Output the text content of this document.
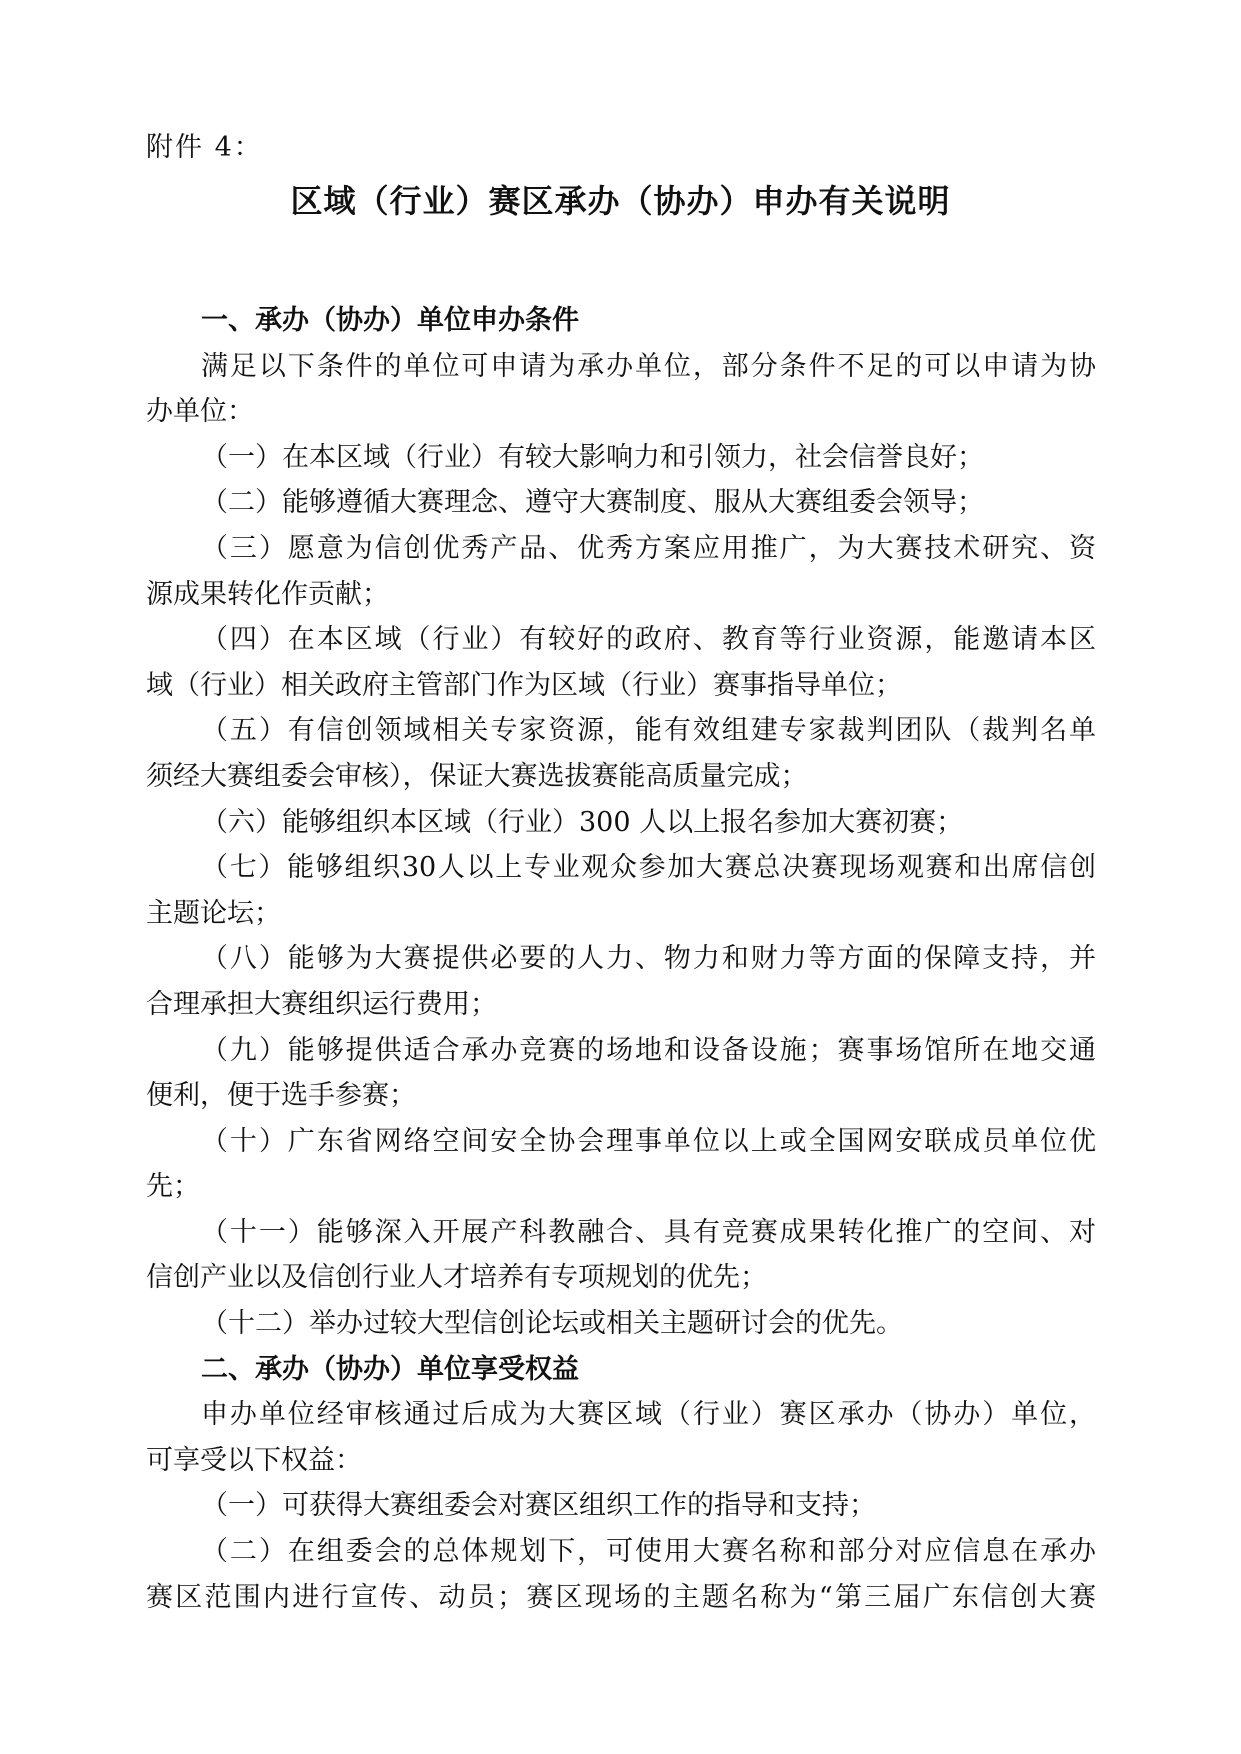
附件 4：
区域（行业）赛区承办（协办）申办有关说明
一、承办（协办）单位申办条件
满足以下条件的单位可申请为承办单位，部分条件不足的可以申请为协
办单位：
（一）在本区域（行业）有较大影响力和引领力，社会信誉良好；
（二）能够遵循大赛理念、遵守大赛制度、服从大赛组委会领导；
（三）愿意为信创优秀产品、优秀方案应用推广，为大赛技术研究、资
源成果转化作贡献；
（四）在本区域（行业）有较好的政府、教育等行业资源，能邀请本区
域（行业）相关政府主管部门作为区域（行业）赛事指导单位；
（五）有信创领域相关专家资源，能有效组建专家裁判团队（裁判名单
须经大赛组委会审核），保证大赛选拔赛能高质量完成；
（六）能够组织本区域（行业）300 人以上报名参加大赛初赛；
（七）能够组织30人以上专业观众参加大赛总决赛现场观赛和出席信创
主题论坛；
（八）能够为大赛提供必要的人力、物力和财力等方面的保障支持，并
合理承担大赛组织运行费用；
（九）能够提供适合承办竞赛的场地和设备设施；赛事场馆所在地交通
便利，便于选手参赛；
（十）广东省网络空间安全协会理事单位以上或全国网安联成员单位优
先；
（十一）能够深入开展产科教融合、具有竞赛成果转化推广的空间、对
信创产业以及信创行业人才培养有专项规划的优先；
（十二）举办过较大型信创论坛或相关主题研讨会的优先。
二、承办（协办）单位享受权益
申办单位经审核通过后成为大赛区域（行业）赛区承办（协办）单位，
可享受以下权益：
（一）可获得大赛组委会对赛区组织工作的指导和支持；
（二）在组委会的总体规划下，可使用大赛名称和部分对应信息在承办
赛区范围内进行宣传、动员；赛区现场的主题名称为“第三届广东信创大赛
